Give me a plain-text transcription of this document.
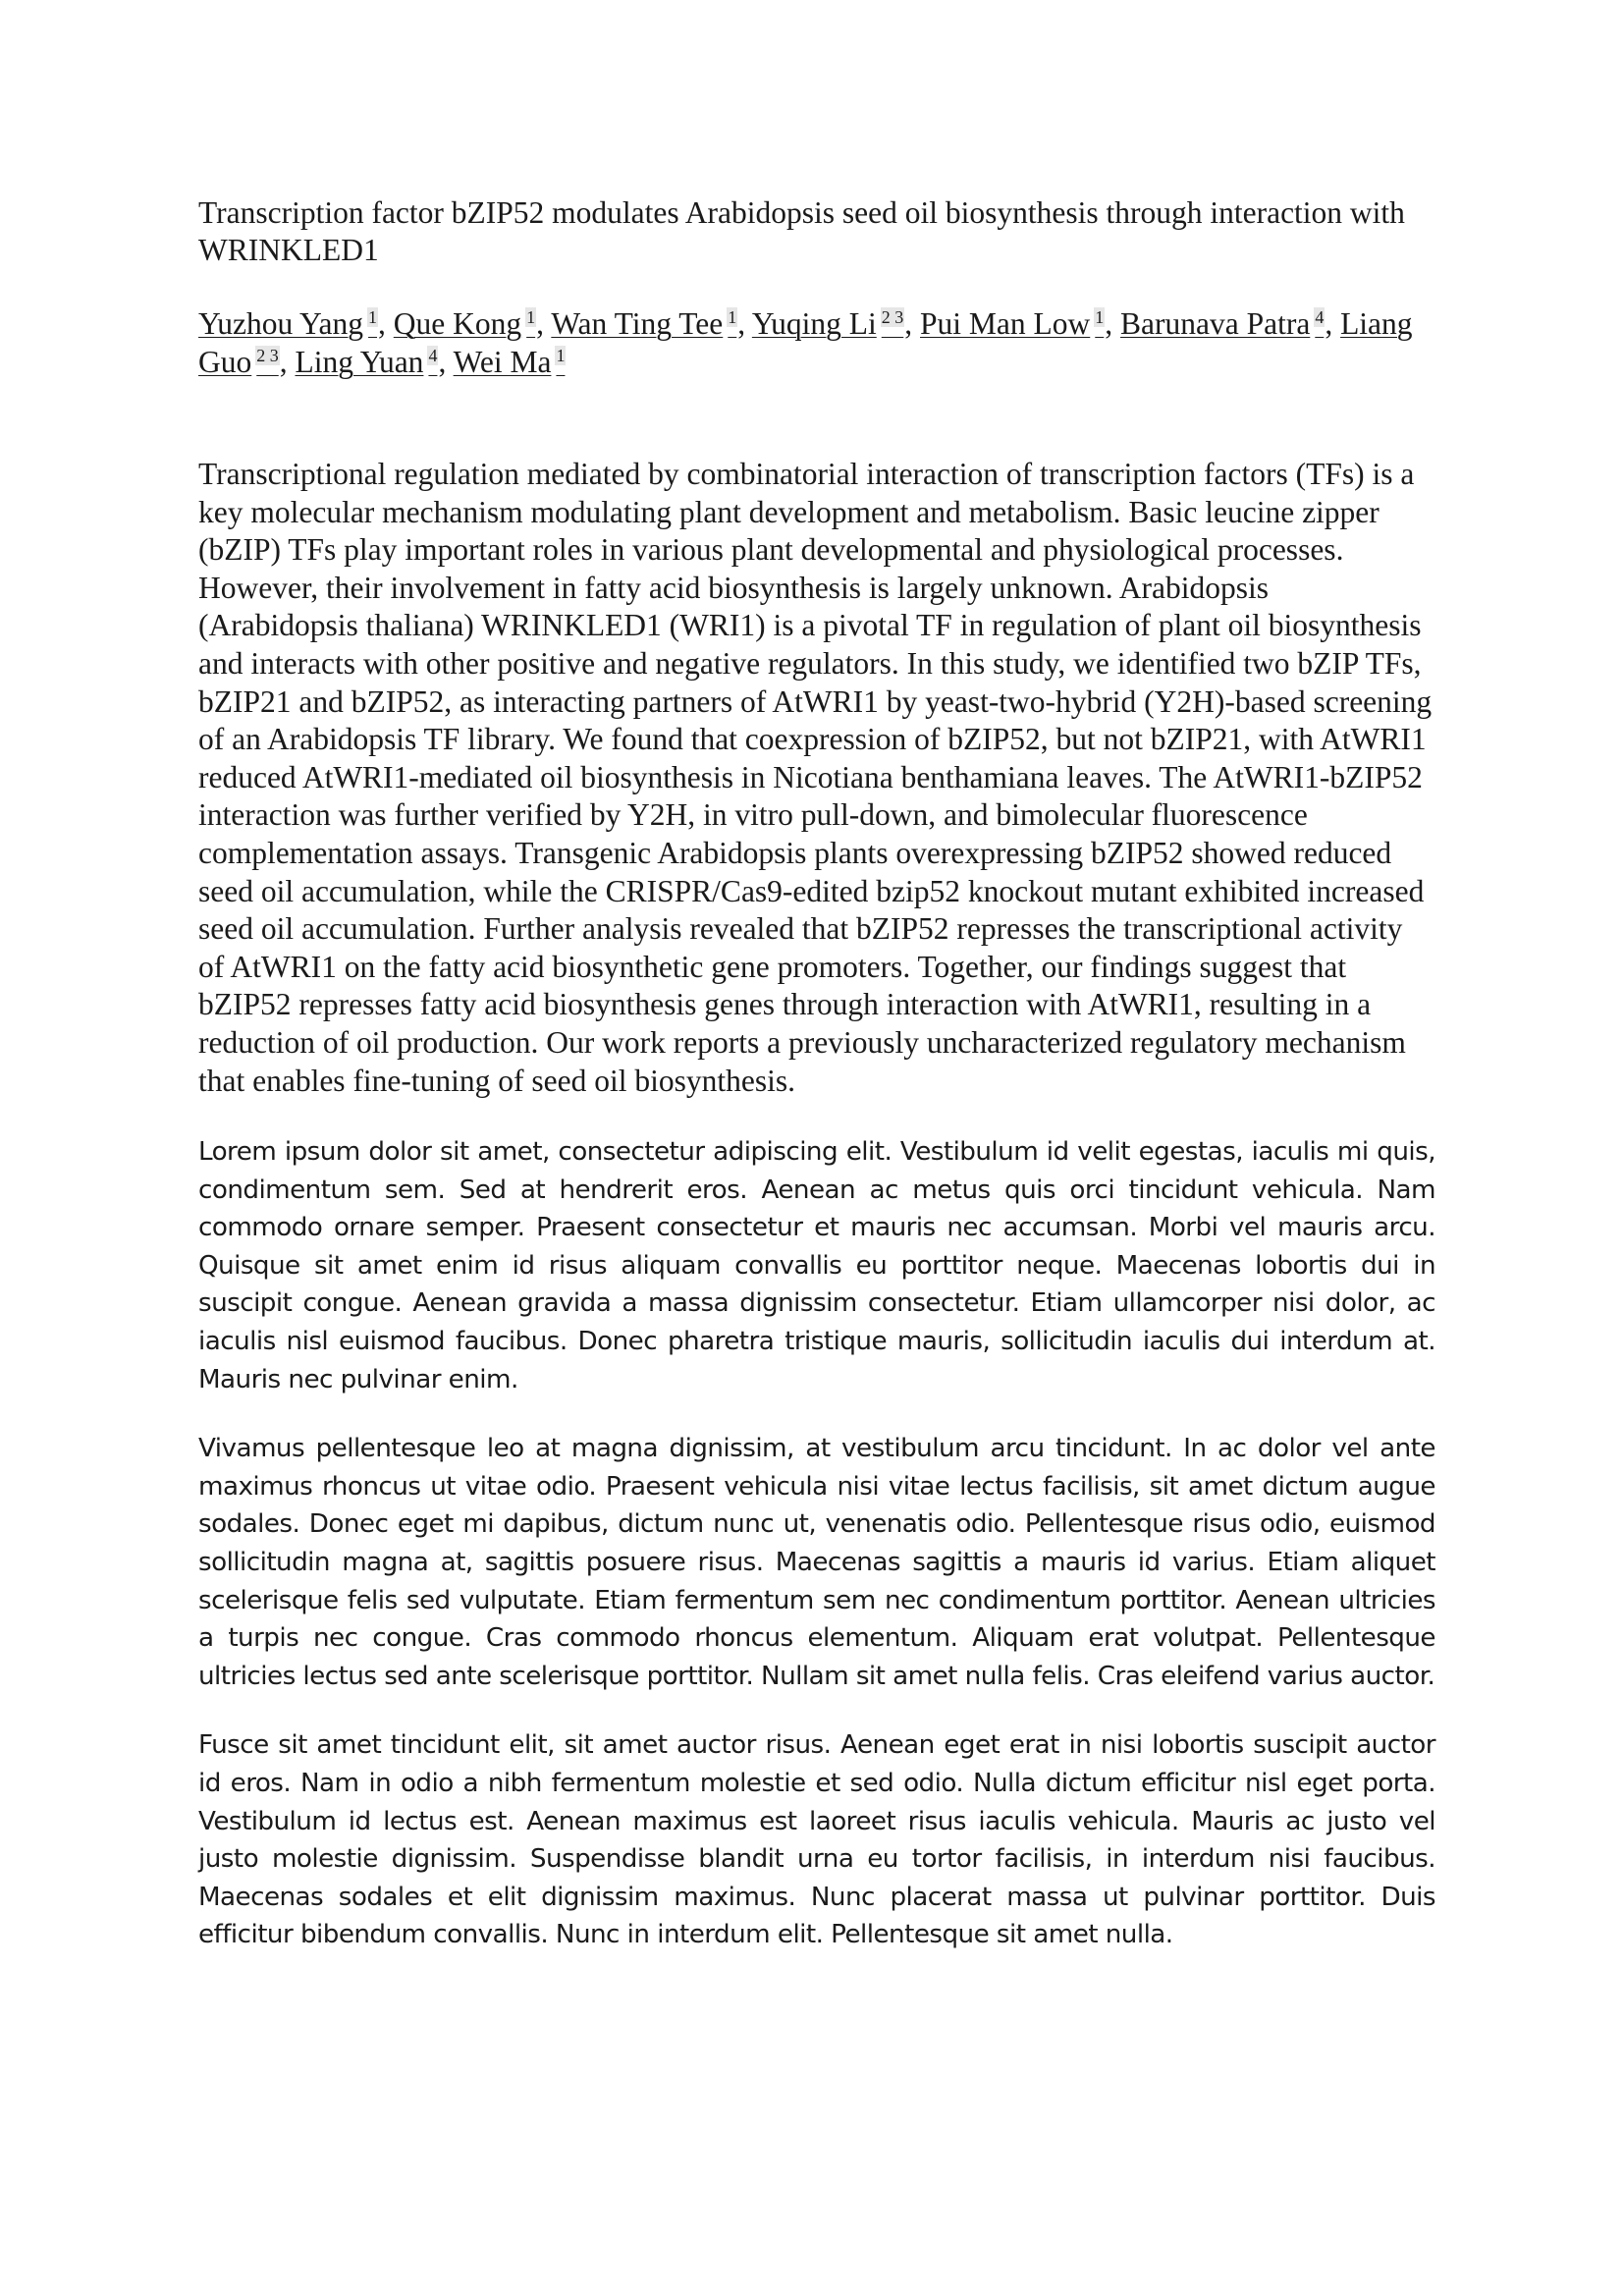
Transcription factor bZIP52 modulates Arabidopsis seed oil biosynthesis through interaction with WRINKLED1
Yuzhou Yang $^1$, Que Kong $^1$, Wan Ting Tee $^1$, Yuqing Li $^{2 3}$, Pui Man Low $^1$, Barunava Patra $^4$, Liang Guo $^{2 3}$, Ling Yuan $^4$, Wei Ma $^1$

Transcriptional regulation mediated by combinatorial interaction of transcription factors (TFs) is a key molecular mechanism modulating plant development and metabolism. Basic leucine zipper (bZIP) TFs play important roles in various plant developmental and physiological processes. However, their involvement in fatty acid biosynthesis is largely unknown. Arabidopsis (Arabidopsis thaliana) WRINKLED1 (WRI1) is a pivotal TF in regulation of plant oil biosynthesis and interacts with other positive and negative regulators. In this study, we identified two bZIP TFs, bZIP21 and bZIP52, as interacting partners of AtWRI1 by yeast-two-hybrid (Y2H)-based screening of an Arabidopsis TF library. We found that coexpression of bZIP52, but not bZIP21, with AtWRI1 reduced AtWRI1-mediated oil biosynthesis in Nicotiana benthamiana leaves. The AtWRI1-bZIP52 interaction was further verified by Y2H, in vitro pull-down, and bimolecular fluorescence complementation assays. Transgenic Arabidopsis plants overexpressing bZIP52 showed reduced seed oil accumulation, while the CRISPR/Cas9-edited bzip52 knockout mutant exhibited increased seed oil accumulation. Further analysis revealed that bZIP52 represses the transcriptional activity of AtWRI1 on the fatty acid biosynthetic gene promoters. Together, our findings suggest that bZIP52 represses fatty acid biosynthesis genes through interaction with AtWRI1, resulting in a reduction of oil production. Our work reports a previously uncharacterized regulatory mechanism that enables fine-tuning of seed oil biosynthesis.

Lorem ipsum dolor sit amet, consectetur adipiscing elit. Vestibulum id velit egestas, iaculis mi quis, condimentum sem. Sed at hendrerit eros. Aenean ac metus quis orci tincidunt vehicula. Nam commodo ornare semper. Praesent consectetur et mauris nec accumsan. Morbi vel mauris arcu. Quisque sit amet enim id risus aliquam convallis eu porttitor neque. Maecenas lobortis dui in suscipit congue. Aenean gravida a massa dignissim consectetur. Etiam ullamcorper nisi dolor, ac iaculis nisl euismod faucibus. Donec pharetra tristique mauris, sollicitudin iaculis dui interdum at. Mauris nec pulvinar enim.

Vivamus pellentesque leo at magna dignissim, at vestibulum arcu tincidunt. In ac dolor vel ante maximus rhoncus ut vitae odio. Praesent vehicula nisi vitae lectus facilisis, sit amet dictum augue sodales. Donec eget mi dapibus, dictum nunc ut, venenatis odio. Pellentesque risus odio, euismod sollicitudin magna at, sagittis posuere risus. Maecenas sagittis a mauris id varius. Etiam aliquet scelerisque felis sed vulputate. Etiam fermentum sem nec condimentum porttitor. Aenean ultricies a turpis nec congue. Cras commodo rhoncus elementum. Aliquam erat volutpat. Pellentesque ultricies lectus sed ante scelerisque porttitor. Nullam sit amet nulla felis. Cras eleifend varius auctor.

Fusce sit amet tincidunt elit, sit amet auctor risus. Aenean eget erat in nisi lobortis suscipit auctor id eros. Nam in odio a nibh fermentum molestie et sed odio. Nulla dictum efficitur nisl eget porta. Vestibulum id lectus est. Aenean maximus est laoreet risus iaculis vehicula. Mauris ac justo vel justo molestie dignissim. Suspendisse blandit urna eu tortor facilisis, in interdum nisi faucibus. Maecenas sodales et elit dignissim maximus. Nunc placerat massa ut pulvinar porttitor. Duis efficitur bibendum convallis. Nunc in interdum elit. Pellentesque sit amet nulla.
